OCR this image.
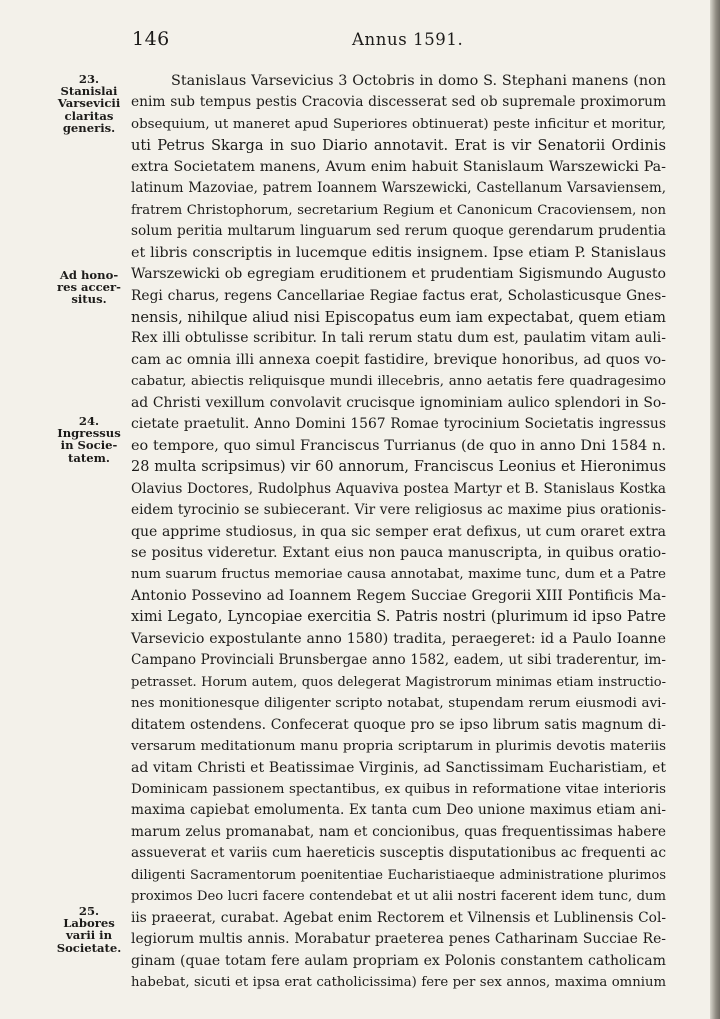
146	Annus 1591.
23.
Stanislai
Varsevicii
claritas
generis.
Ad hono-
res accer-
situs.
24.
Ingressus
in Socie-
tatem.
25.
Labores
varii in
Societate.
Stanislaus Varsevicius 3 Octobris in domo S. Stephani manens (non
enim sub tempus pestis Cracovia discesserat sed ob supremale proximorum
obsequium, ut maneret apud Superiores obtinuerat) peste inficitur et moritur,
uti Petrus Skarga in suo Diario annotavit. Erat is vir Senatorii Ordinis
extra Societatem manens, Avum enim habuit Stanislaum Warszewicki Pa-
latinum Mazoviae, patrem Ioannem Warszewicki, Castellanum Varsaviensem,
fratrem Christophorum, secretarium Regium et Canonicum Cracoviensem, non
solum peritia multarum linguarum sed rerum quoque gerendarum prudentia
et libris conscriptis in lucemque editis insignem. Ipse etiam P. Stanislaus
Warszewicki ob egregiam eruditionem et prudentiam Sigismundo Augusto
Regi charus, regens Cancellariae Regiae factus erat, Scholasticusque Gnes-
nensis, nihilque aliud nisi Episcopatus eum iam expectabat, quem etiam
Rex illi obtulisse scribitur. In tali rerum statu dum est, paulatim vitam auli-
cam ac omnia illi annexa coepit fastidire, brevique honoribus, ad quos vo-
cabatur, abiectis reliquisque mundi illecebris, anno aetatis fere quadragesimo
ad Christi vexillum convolavit crucisque ignominiam aulico splendori in So-
cietate praetulit. Anno Domini 1567 Romae tyrocinium Societatis ingressus
eo tempore, quo simul Franciscus Turrianus (de quo in anno Dni 1584 n.
28 multa scripsimus) vir 60 annorum, Franciscus Leonius et Hieronimus
Olavius Doctores, Rudolphus Aquaviva postea Martyr et B. Stanislaus Kostka
eidem tyrocinio se subiecerant. Vir vere religiosus ac maxime pius orationis-
que apprime studiosus, in qua sic semper erat defixus, ut cum oraret extra
se positus videretur. Extant eius non pauca manuscripta, in quibus oratio-
num suarum fructus memoriae causa annotabat, maxime tunc, dum et a Patre
Antonio Possevino ad Ioannem Regem Succiae Gregorii XIII Pontificis Ma-
ximi Legato, Lyncopiae exercitia S. Patris nostri (plurimum id ipso Patre
Varsevicio expostulante anno 1580) tradita, peraegeret: id a Paulo Ioanne
Campano Provinciali Brunsbergae anno 1582, eadem, ut sibi traderentur, im-
petrasset. Horum autem, quos delegerat Magistrorum minimas etiam instructio-
nes monitionesque diligenter scripto notabat, stupendam rerum eiusmodi avi-
ditatem ostendens. Confecerat quoque pro se ipso librum satis magnum di-
versarum meditationum manu propria scriptarum in plurimis devotis materiis
ad vitam Christi et Beatissimae Virginis, ad Sanctissimam Eucharistiam, et
Dominicam passionem spectantibus, ex quibus in reformatione vitae interioris
maxima capiebat emolumenta. Ex tanta cum Deo unione maximus etiam ani-
marum zelus promanabat, nam et concionibus, quas frequentissimas habere
assueverat et variis cum haereticis susceptis disputationibus ac frequenti ac
diligenti Sacramentorum poenitentiae Eucharistiaeque administratione plurimos
proximos Deo lucri facere contendebat et ut alii nostri facerent idem tunc, dum
iis praeerat, curabat. Agebat enim Rectorem et Vilnensis et Lublinensis Col-
legiorum multis annis. Morabatur praeterea penes Catharinam Succiae Re-
ginam (quae totam fere aulam propriam ex Polonis constantem catholicam
habebat, sicuti et ipsa erat catholicissima) fere per sex annos, maxima omnium
